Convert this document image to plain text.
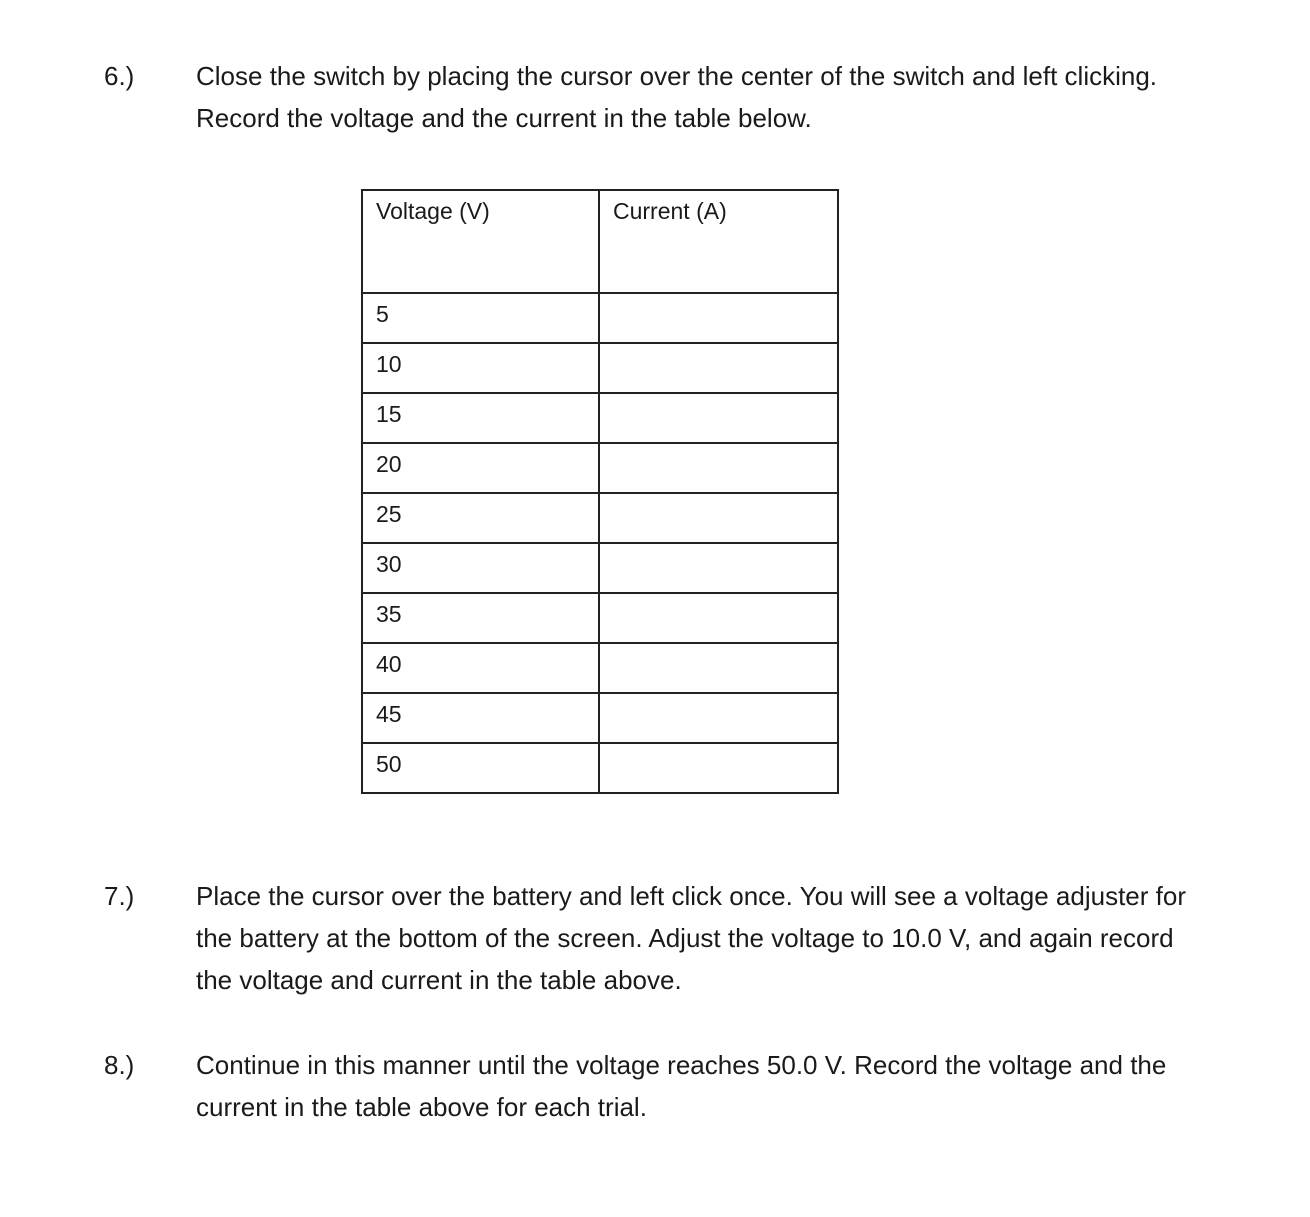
6.) Close the switch by placing the cursor over the center of the switch and left clicking.
Record the voltage and the current in the table below.

Voltage (V)	Current (A)

5	

10	

15	

20	

25	

30	

35	

40	

45	

50	

7.) Place the cursor over the battery and left click once. You will see a voltage adjuster for
the battery at the bottom of the screen. Adjust the voltage to 10.0 V, and again record
the voltage and current in the table above.

8.) Continue in this manner until the voltage reaches 50.0 V. Record the voltage and the
current in the table above for each trial.
